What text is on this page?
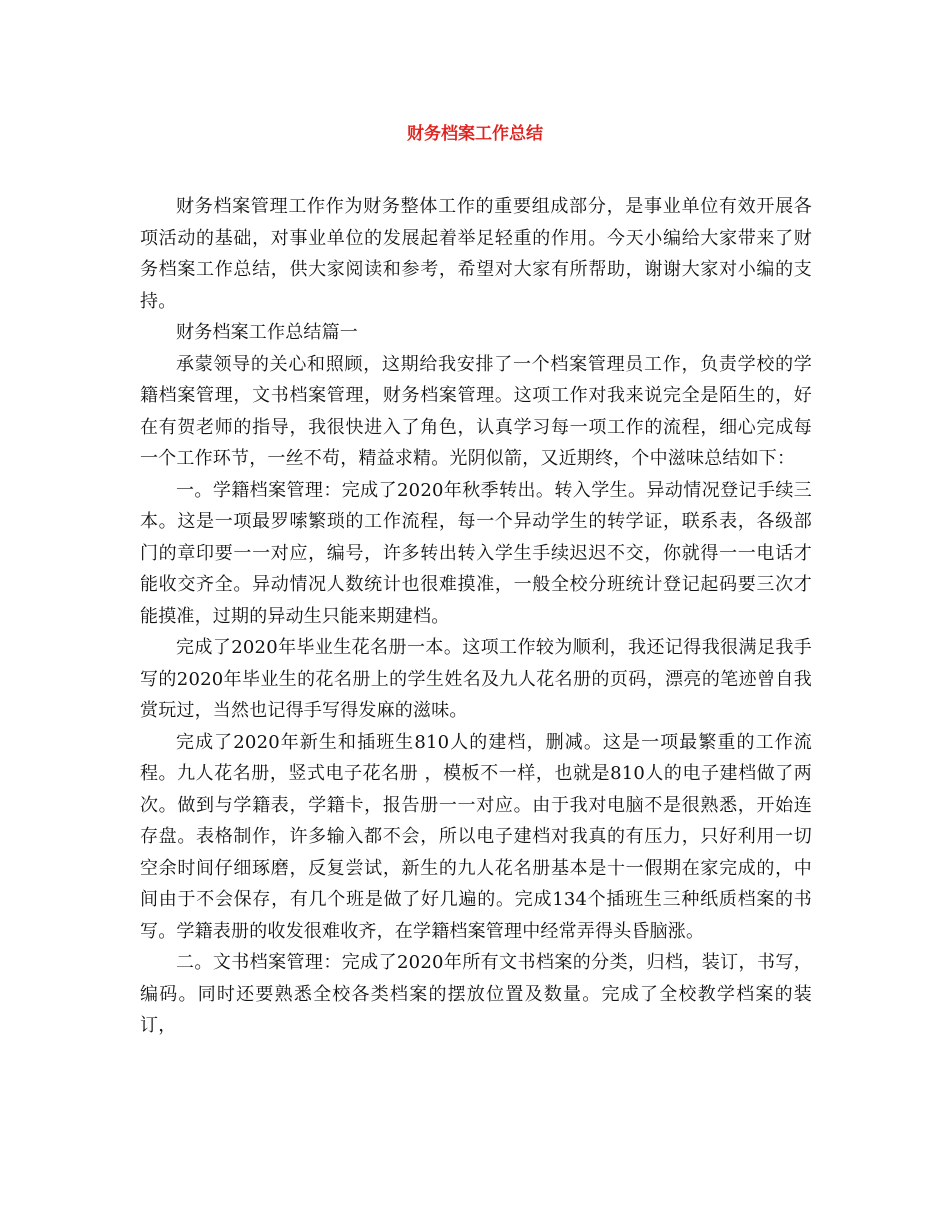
财务档案工作总结

财务档案管理工作作为财务整体工作的重要组成部分，是事业单位有效开展各项活动的基础，对事业单位的发展起着举足轻重的作用。今天小编给大家带来了财务档案工作总结，供大家阅读和参考，希望对大家有所帮助，谢谢大家对小编的支持。

财务档案工作总结篇一

承蒙领导的关心和照顾，这期给我安排了一个档案管理员工作，负责学校的学籍档案管理，文书档案管理，财务档案管理。这项工作对我来说完全是陌生的，好在有贺老师的指导，我很快进入了角色，认真学习每一项工作的流程，细心完成每一个工作环节，一丝不苟，精益求精。光阴似箭，又近期终，个中滋味总结如下：

一。学籍档案管理：完成了2020年秋季转出。转入学生。异动情况登记手续三本。这是一项最罗嗦繁琐的工作流程，每一个异动学生的转学证，联系表，各级部门的章印要一一对应，编号，许多转出转入学生手续迟迟不交，你就得一一电话才能收交齐全。异动情况人数统计也很难摸准，一般全校分班统计登记起码要三次才能摸准，过期的异动生只能来期建档。

完成了2020年毕业生花名册一本。这项工作较为顺利，我还记得我很满足我手写的2020年毕业生的花名册上的学生姓名及九人花名册的页码，漂亮的笔迹曾自我赏玩过，当然也记得手写得发麻的滋味。

完成了2020年新生和插班生810人的建档，删减。这是一项最繁重的工作流程。九人花名册，竖式电子花名册 ，模板不一样，也就是810人的电子建档做了两次。做到与学籍表，学籍卡，报告册一一对应。由于我对电脑不是很熟悉，开始连存盘。表格制作，许多输入都不会，所以电子建档对我真的有压力，只好利用一切空余时间仔细琢磨，反复尝试，新生的九人花名册基本是十一假期在家完成的，中间由于不会保存，有几个班是做了好几遍的。完成134个插班生三种纸质档案的书写。学籍表册的收发很难收齐，在学籍档案管理中经常弄得头昏脑涨。

二。文书档案管理：完成了2020年所有文书档案的分类，归档，装订，书写，编码。同时还要熟悉全校各类档案的摆放位置及数量。完成了全校教学档案的装订，
